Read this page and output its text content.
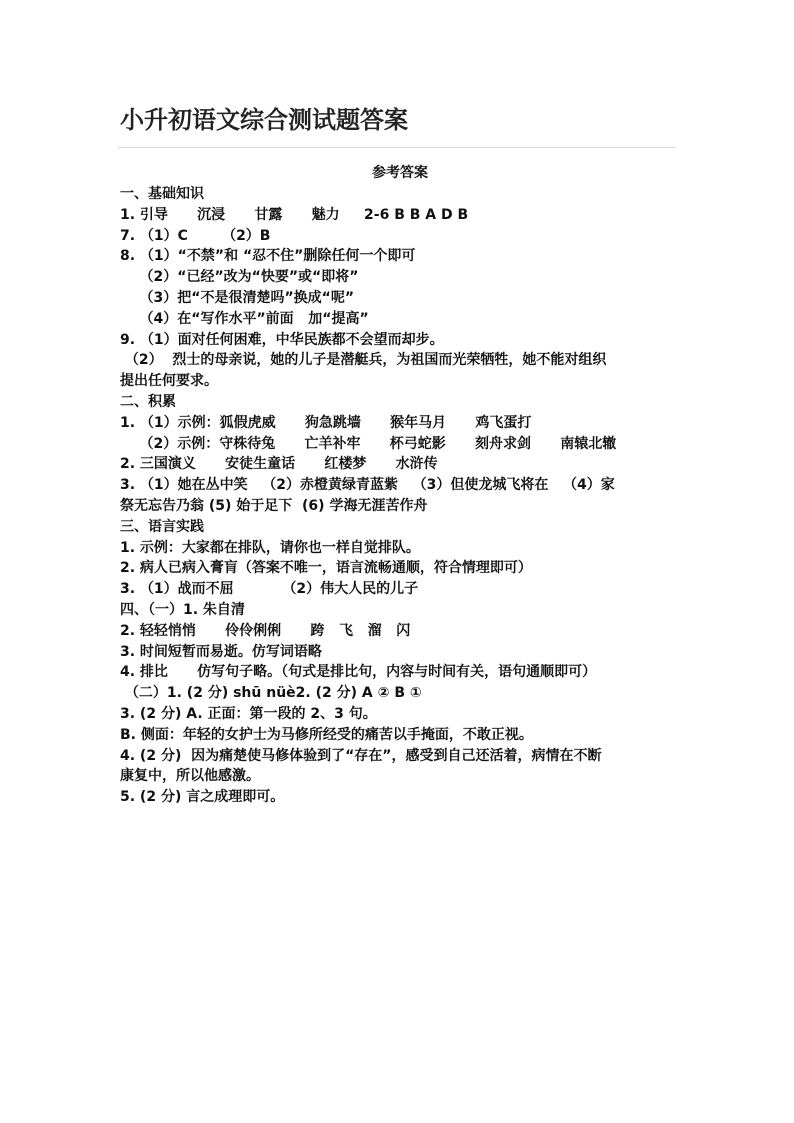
小升初语文综合测试题答案
参考答案
一、基础知识
1. 引导      沉浸      甘露      魅力     2-6 B B A D B
7. （1）C       （2）B
8. （1）“不禁”和 “忍不住”删除任何一个即可
（2）“已经”改为“快要”或“即将”
（3）把“不是很清楚吗”换成“呢”
（4）在“写作水平”前面   加“提高”
9. （1）面对任何困难，中华民族都不会望而却步。
（2）  烈士的母亲说，她的儿子是潜艇兵，为祖国而光荣牺牲，她不能对组织
提出任何要求。
二、积累
1. （1）示例：狐假虎威      狗急跳墙      猴年马月      鸡飞蛋打
（2）示例：守株待兔      亡羊补牢      杯弓蛇影      刻舟求剑      南辕北辙
2. 三国演义      安徒生童话      红楼梦      水浒传
3. （1）她在丛中笑   （2）赤橙黄绿青蓝紫   （3）但使龙城飞将在   （4）家
祭无忘告乃翁 (5) 始于足下  (6) 学海无涯苦作舟
三、语言实践
1. 示例：大家都在排队，请你也一样自觉排队。
2. 病人已病入膏肓（答案不唯一，语言流畅通顺，符合情理即可）
3. （1）战而不屈          （2）伟大人民的儿子
四、（一）1. 朱自清
2. 轻轻悄悄      伶伶俐俐      跨   飞   溜   闪
3. 时间短暂而易逝。仿写词语略
4. 排比      仿写句子略。（句式是排比句，内容与时间有关，语句通顺即可）
（二）1. (2 分) shū nüè2. (2 分) A ② B ①
3. (2 分) A. 正面：第一段的 2、3 句。
B. 侧面：年轻的女护士为马修所经受的痛苦以手掩面，不敢正视。
4. (2 分)  因为痛楚使马修体验到了“存在”，感受到自己还活着，病情在不断
康复中，所以他感激。
5. (2 分) 言之成理即可。
